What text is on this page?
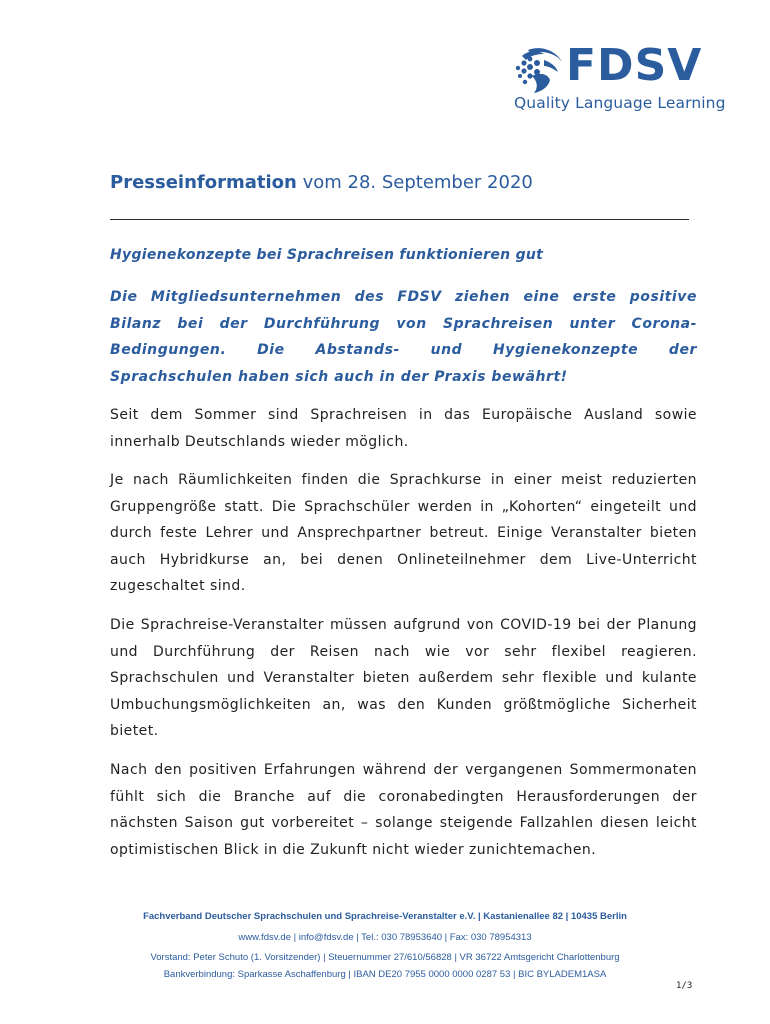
FDSV
Quality Language Learning
Presseinformation vom 28. September 2020
Hygienekonzepte bei Sprachreisen funktionieren gut
Die Mitgliedsunternehmen des FDSV ziehen eine erste positive Bilanz bei der Durchführung von Sprachreisen unter Corona-Bedingungen. Die Abstands- und Hygienekonzepte der Sprachschulen haben sich auch in der Praxis bewährt!
Seit dem Sommer sind Sprachreisen in das Europäische Ausland sowie innerhalb Deutschlands wieder möglich.
Je nach Räumlichkeiten finden die Sprachkurse in einer meist reduzierten Gruppengröße statt. Die Sprachschüler werden in „Kohorten“ eingeteilt und durch feste Lehrer und Ansprechpartner betreut. Einige Veranstalter bieten auch Hybridkurse an, bei denen Onlineteilnehmer dem Live-Unterricht zugeschaltet sind.
Die Sprachreise-Veranstalter müssen aufgrund von COVID-19 bei der Planung und Durchführung der Reisen nach wie vor sehr flexibel reagieren. Sprachschulen und Veranstalter bieten außerdem sehr flexible und kulante Umbuchungsmöglichkeiten an, was den Kunden größtmögliche Sicherheit bietet.
Nach den positiven Erfahrungen während der vergangenen Sommermonaten fühlt sich die Branche auf die coronabedingten Herausforderungen der nächsten Saison gut vorbereitet – solange steigende Fallzahlen diesen leicht optimistischen Blick in die Zukunft nicht wieder zunichtemachen.
Fachverband Deutscher Sprachschulen und Sprachreise-Veranstalter e.V. | Kastanienallee 82 | 10435 Berlin
www.fdsv.de | info@fdsv.de | Tel.: 030 78953640 | Fax: 030 78954313
Vorstand: Peter Schuto (1. Vorsitzender) | Steuernummer 27/610/56828 | VR 36722 Amtsgericht Charlottenburg
Bankverbindung: Sparkasse Aschaffenburg | IBAN DE20 7955 0000 0000 0287 53 | BIC BYLADEM1ASA
1/3
